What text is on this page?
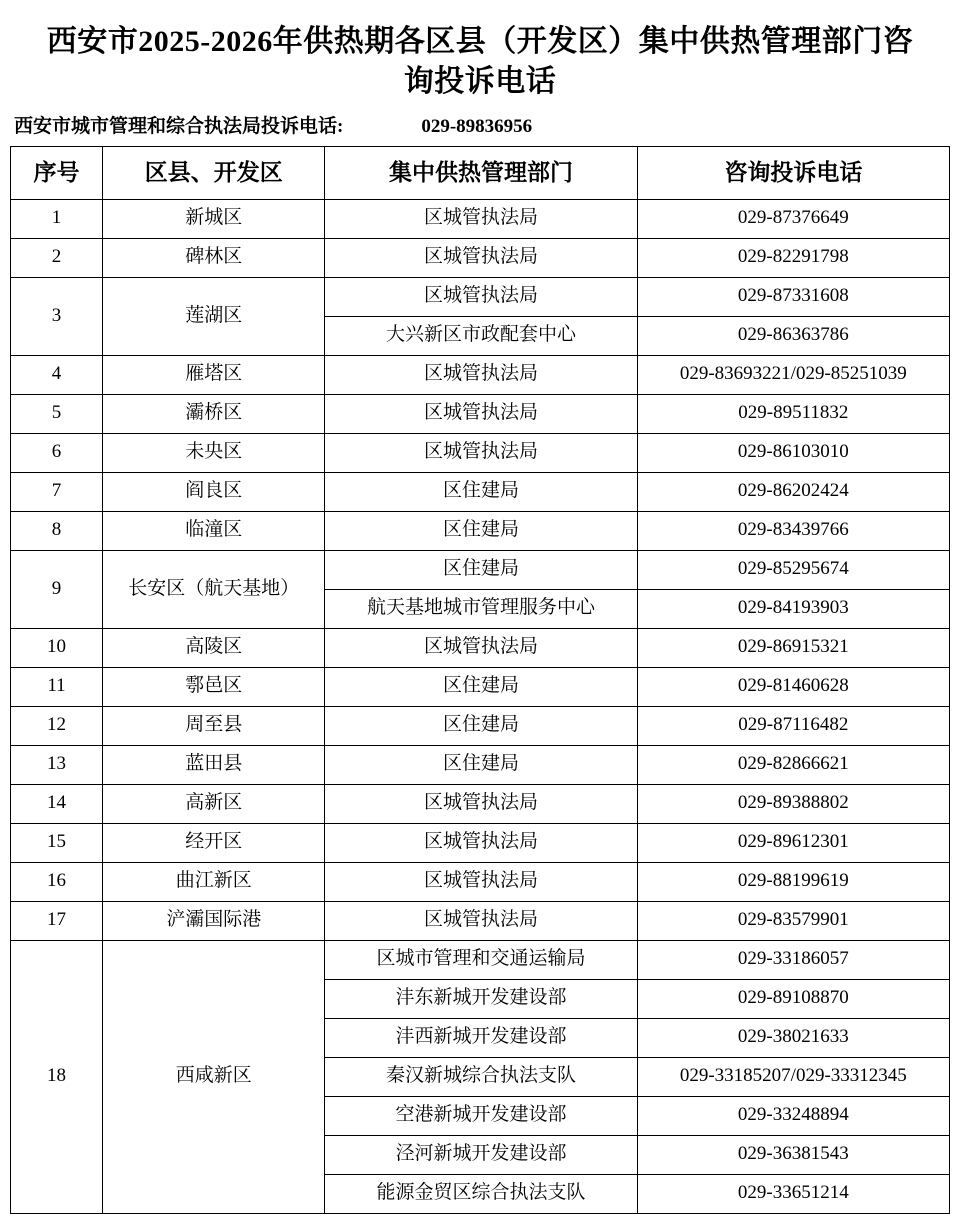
西安市2025-2026年供热期各区县（开发区）集中供热管理部门咨询投诉电话
西安市城市管理和综合执法局投诉电话:	029-89836956
序号	区县、开发区	集中供热管理部门	咨询投诉电话
1	新城区	区城管执法局	029-87376649
2	碑林区	区城管执法局	029-82291798
3	莲湖区	区城管执法局	029-87331608
		大兴新区市政配套中心	029-86363786
4	雁塔区	区城管执法局	029-83693221/029-85251039
5	灞桥区	区城管执法局	029-89511832
6	未央区	区城管执法局	029-86103010
7	阎良区	区住建局	029-86202424
8	临潼区	区住建局	029-83439766
9	长安区（航天基地）	区住建局	029-85295674
		航天基地城市管理服务中心	029-84193903
10	高陵区	区城管执法局	029-86915321
11	鄠邑区	区住建局	029-81460628
12	周至县	区住建局	029-87116482
13	蓝田县	区住建局	029-82866621
14	高新区	区城管执法局	029-89388802
15	经开区	区城管执法局	029-89612301
16	曲江新区	区城管执法局	029-88199619
17	浐灞国际港	区城管执法局	029-83579901
18	西咸新区	区城市管理和交通运输局	029-33186057
		沣东新城开发建设部	029-89108870
		沣西新城开发建设部	029-38021633
		秦汉新城综合执法支队	029-33185207/029-33312345
		空港新城开发建设部	029-33248894
		泾河新城开发建设部	029-36381543
		能源金贸区综合执法支队	029-33651214
